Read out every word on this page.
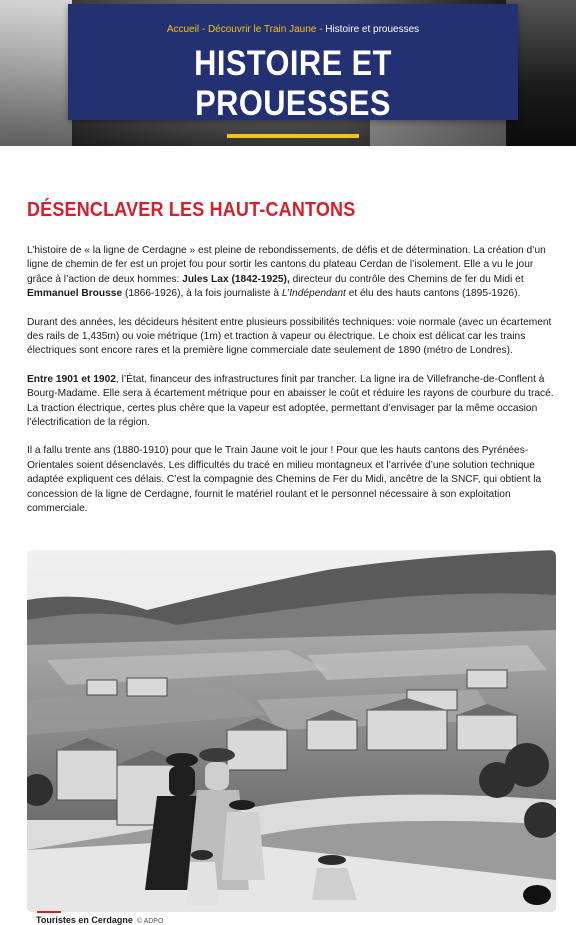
Accueil - Découvrir le Train Jaune - Histoire et prouesses
HISTOIRE ET PROUESSES
DÉSENCLAVER LES HAUT-CANTONS

L’histoire de « la ligne de Cerdagne » est pleine de rebondissements, de défis et de détermination. La création d’un ligne de chemin de fer est un projet fou pour sortir les cantons du plateau Cerdan de l’isolement. Elle a vu le jour grâce à l’action de deux hommes: Jules Lax (1842-1925), directeur du contrôle des Chemins de fer du Midi et Emmanuel Brousse (1866-1926), à la fois journaliste à L’Indépendant et élu des hauts cantons (1895-1926).

Durant des années, les décideurs hésitent entre plusieurs possibilités techniques: voie normale (avec un écartement des rails de 1,435m) ou voie métrique (1m) et traction à vapeur ou électrique. Le choix est délicat car les trains électriques sont encore rares et la première ligne commerciale date seulement de 1890 (métro de Londres).

Entre 1901 et 1902, l’État, financeur des infrastructures finit par trancher. La ligne ira de Villefranche-de-Conflent à Bourg-Madame. Elle sera à écartement métrique pour en abaisser le coût et réduire les rayons de courbure du tracé. La traction électrique, certes plus chère que la vapeur est adoptée, permettant d’envisager par la même occasion l’électrification de la région.

Il a fallu trente ans (1880-1910) pour que le Train Jaune voit le jour ! Pour que les hauts cantons des Pyrénées-Orientales soient désenclavés. Les difficultés du tracé en milieu montagneux et l’arrivée d’une solution technique adaptée expliquent ces délais. C’est la compagnie des Chemins de Fer du Midi, ancêtre de la SNCF, qui obtient la concession de la ligne de Cerdagne, fournit le matériel roulant et le personnel nécessaire à son exploitation commerciale.

Touristes en Cerdagne © ADPO
